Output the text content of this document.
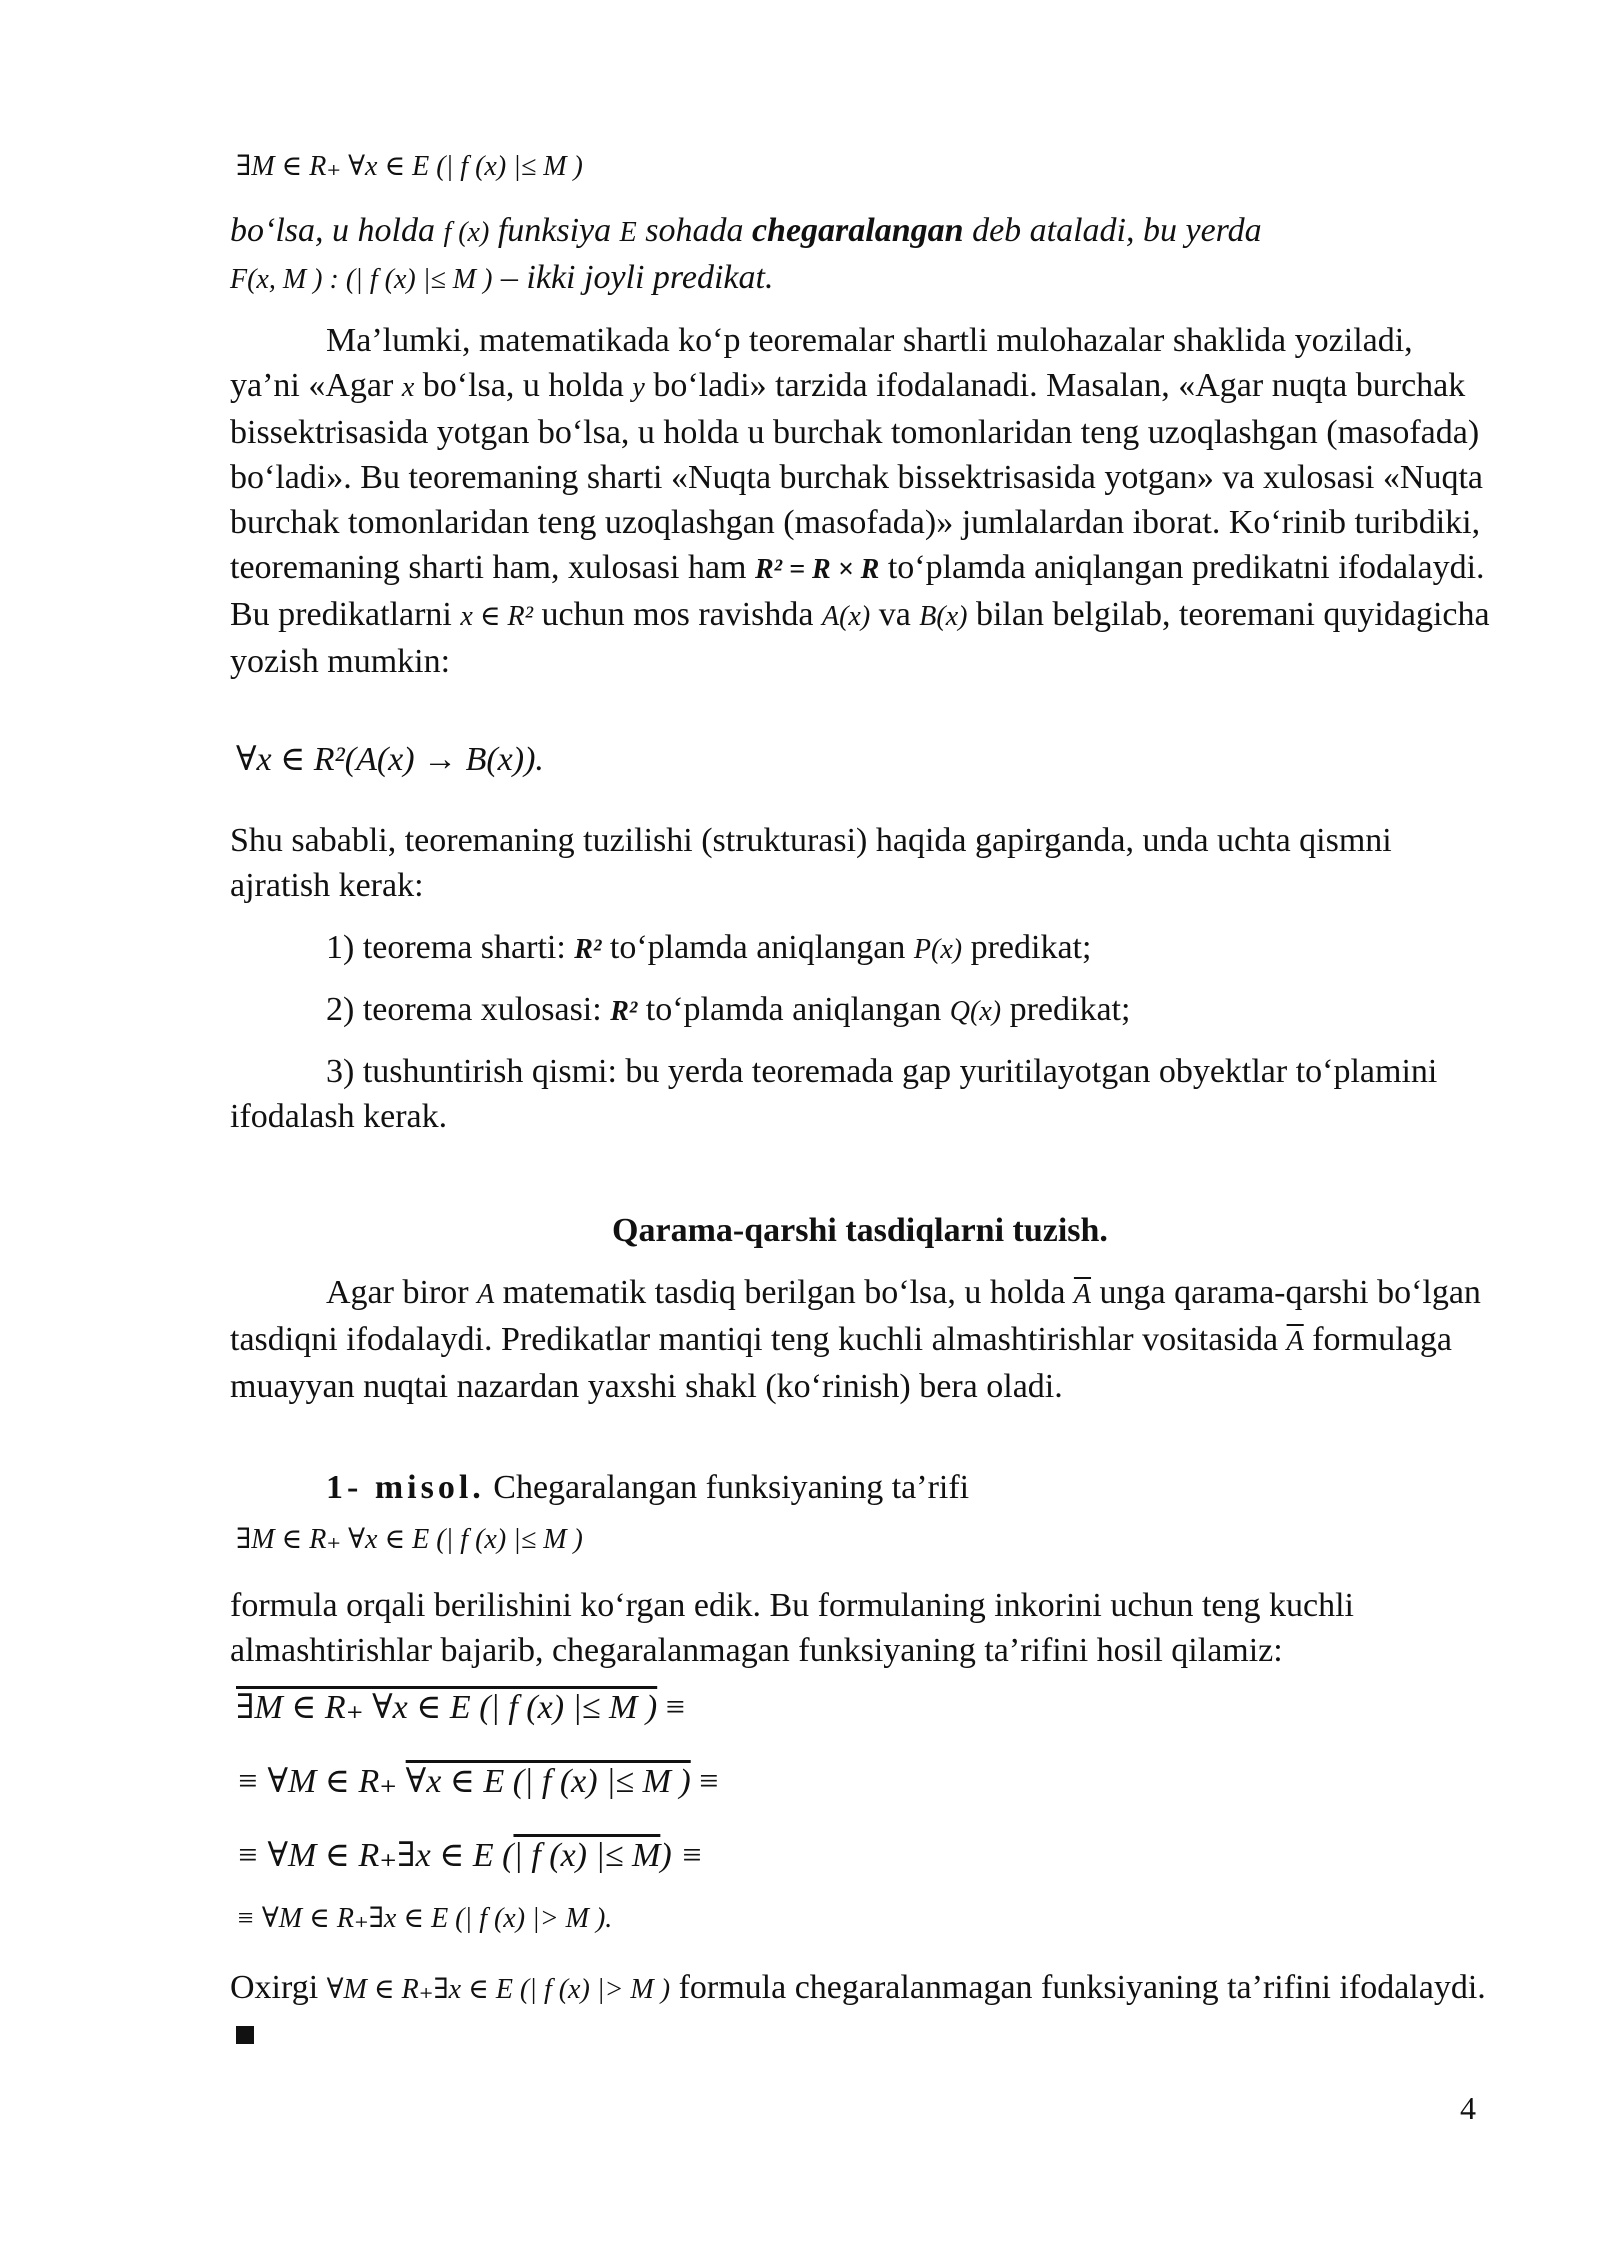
∃M ∈ R₊ ∀x ∈ E (| f (x) |≤ M )

bo‘lsa, u holda f (x) funksiya E sohada chegaralangan deb ataladi, bu yerda
F(x, M ) : (| f (x) |≤ M ) – ikki joyli predikat.

Ma’lumki, matematikada ko‘p teoremalar shartli mulohazalar shaklida yoziladi, ya’ni «Agar x bo‘lsa, u holda y bo‘ladi» tarzida ifodalanadi. Masalan, «Agar nuqta burchak bissektrisasida yotgan bo‘lsa, u holda u burchak tomonlaridan teng uzoqlashgan (masofada) bo‘ladi». Bu teoremaning sharti «Nuqta burchak bissektrisasida yotgan» va xulosasi «Nuqta burchak tomonlaridan teng uzoqlashgan (masofada)» jumlalardan iborat. Ko‘rinib turibdiki, teoremaning sharti ham, xulosasi ham R² = R × R to‘plamda aniqlangan predikatni ifodalaydi. Bu predikatlarni x ∈ R² uchun mos ravishda A(x) va B(x) bilan belgilab, teoremani quyidagicha yozish mumkin:

∀x ∈ R²(A(x) → B(x)).

Shu sababli, teoremaning tuzilishi (strukturasi) haqida gapirganda, unda uchta qismni ajratish kerak:

1) teorema sharti: R² to‘plamda aniqlangan P(x) predikat;

2) teorema xulosasi: R² to‘plamda aniqlangan Q(x) predikat;

3) tushuntirish qismi: bu yerda teoremada gap yuritilayotgan obyektlar to‘plamini ifodalash kerak.

Qarama-qarshi tasdiqlarni tuzish.

Agar biror A matematik tasdiq berilgan bo‘lsa, u holda $\overline{A}$ unga qarama-qarshi bo‘lgan tasdiqni ifodalaydi. Predikatlar mantiqi teng kuchli almashtirishlar vositasida $\overline{A}$ formulaga muayyan nuqtai nazardan yaxshi shakl (ko‘rinish) bera oladi.

1- misol. Chegaralangan funksiyaning ta’rifi

∃M ∈ R₊ ∀x ∈ E (| f (x) |≤ M )

formula orqali berilishini ko‘rgan edik. Bu formulaning inkorini uchun teng kuchli almashtirishlar bajarib, chegaralanmagan funksiyaning ta’rifini hosil qilamiz:

∃M ∈ R₊ ∀x ∈ E (| f (x) |≤ M ) ≡
≡ ∀M ∈ R₊ ∀x ∈ E (| f (x) |≤ M ) ≡
≡ ∀M ∈ R₊∃x ∈ E (| f (x) |≤ M) ≡
≡ ∀M ∈ R₊∃x ∈ E (| f (x) |> M ).

Oxirgi ∀M ∈ R₊∃x ∈ E (| f (x) |> M ) formula chegaralanmagan funksiyaning ta’rifini ifodalaydi.

4
